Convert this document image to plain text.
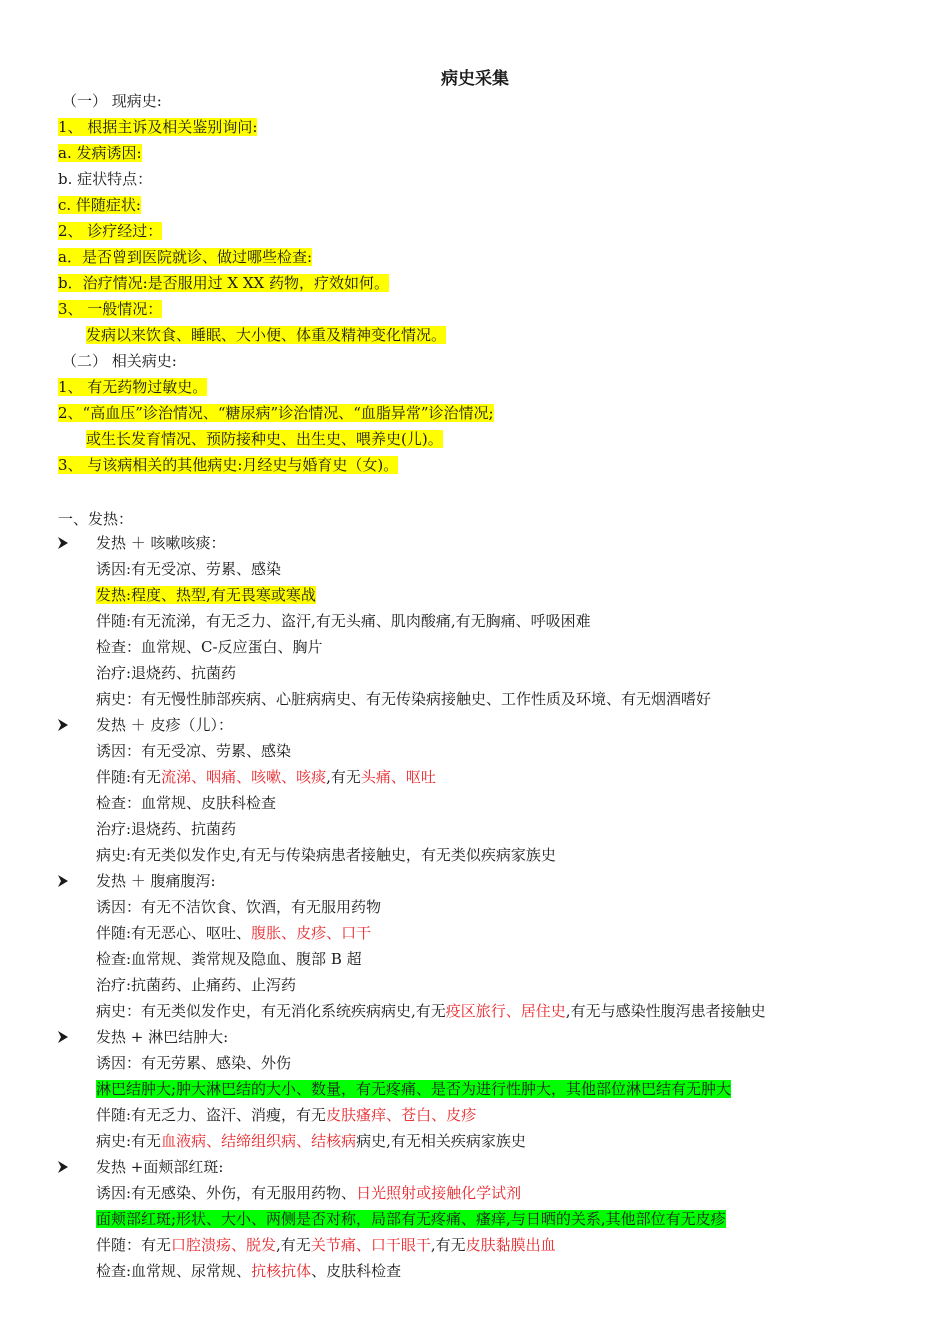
病史采集
（一） 现病史:
1、 根据主诉及相关鉴别询问:
a. 发病诱因:
b. 症状特点：
c. 伴随症状:
2、 诊疗经过：
a．是否曾到医院就诊、做过哪些检查:
b．治疗情况:是否服用过 X XX 药物，疗效如何。
3、 一般情况：
发病以来饮食、睡眠、大小便、体重及精神变化情况。
（二） 相关病史:
1、 有无药物过敏史。
2、“高血压”诊治情况、“糖尿病”诊治情况、“血脂异常”诊治情况;
或生长发育情况、预防接种史、出生史、喂养史(儿)。
3、 与该病相关的其他病史:月经史与婚育史（女)。
一、发热：
发热 ＋ 咳嗽咳痰：
诱因:有无受凉、劳累、感染
发热:程度、热型,有无畏寒或寒战
伴随:有无流涕，有无乏力、盗汗,有无头痛、肌肉酸痛,有无胸痛、呼吸困难
检查：血常规、C-反应蛋白、胸片
治疗:退烧药、抗菌药
病史：有无慢性肺部疾病、心脏病病史、有无传染病接触史、工作性质及环境、有无烟酒嗜好
发热 ＋ 皮疹（儿）：
诱因：有无受凉、劳累、感染
伴随:有无流涕、咽痛、咳嗽、咳痰,有无头痛、呕吐
检查：血常规、皮肤科检查
治疗:退烧药、抗菌药
病史:有无类似发作史,有无与传染病患者接触史，有无类似疾病家族史
发热 ＋ 腹痛腹泻:
诱因：有无不洁饮食、饮酒，有无服用药物
伴随:有无恶心、呕吐、腹胀、皮疹、口干
检查:血常规、粪常规及隐血、腹部 B 超
治疗:抗菌药、止痛药、止泻药
病史：有无类似发作史，有无消化系统疾病病史,有无疫区旅行、居住史,有无与感染性腹泻患者接触史
发热 + 淋巴结肿大:
诱因：有无劳累、感染、外伤
淋巴结肿大;肿大淋巴结的大小、数量，有无疼痛、是否为进行性肿大，其他部位淋巴结有无肿大
伴随:有无乏力、盗汗、消瘦，有无皮肤瘙痒、苍白、皮疹
病史:有无血液病、结缔组织病、结核病病史,有无相关疾病家族史
发热 +面颊部红斑:
诱因:有无感染、外伤，有无服用药物、日光照射或接触化学试剂
面颊部红斑;形状、大小、两侧是否对称，局部有无疼痛、瘙痒,与日晒的关系,其他部位有无皮疹
伴随：有无口腔溃疡、脱发,有无关节痛、口干眼干,有无皮肤黏膜出血
检查:血常规、尿常规、抗核抗体、皮肤科检查
